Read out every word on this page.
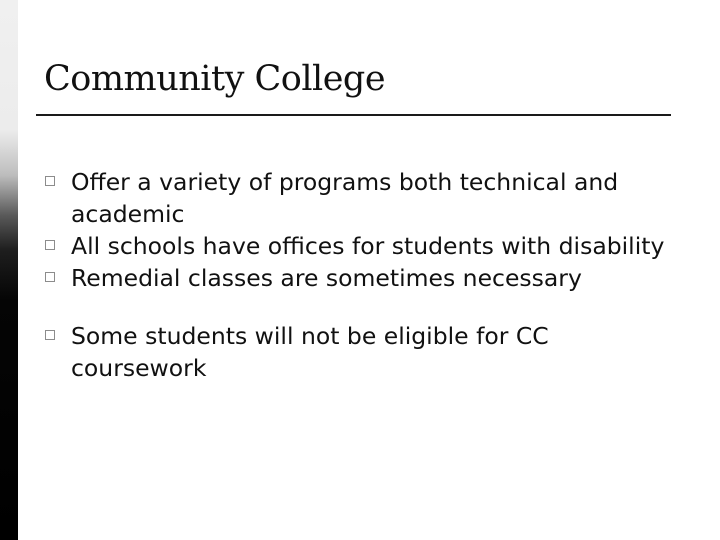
Community College
Offer a variety of programs both technical and academic
All schools have offices for students with disability
Remedial classes are sometimes necessary
Some students will not be eligible for CC coursework
